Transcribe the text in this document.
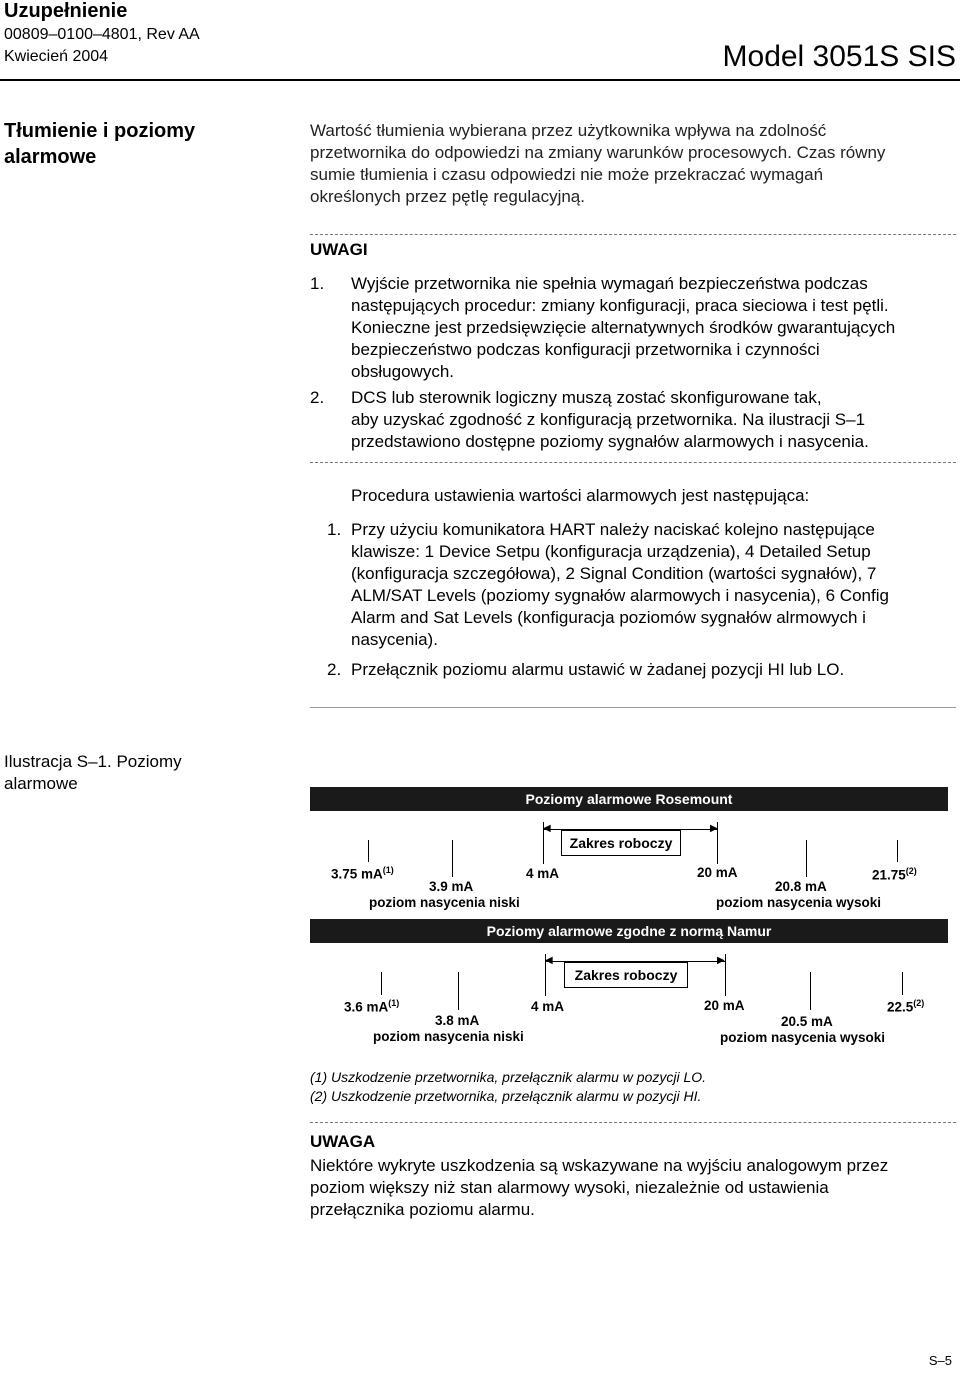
Uzupełnienie
00809–0100–4801, Rev AA
Kwiecień 2004	Model 3051S SIS
Tłumienie i poziomy
alarmowe
Wartość tłumienia wybierana przez użytkownika wpływa na zdolność
przetwornika do odpowiedzi na zmiany warunków procesowych. Czas równy
sumie tłumienia i czasu odpowiedzi nie może przekraczać wymagań
określonych przez pętlę regulacyjną.
UWAGI
1. Wyjście przetwornika nie spełnia wymagań bezpieczeństwa podczas
następujących procedur: zmiany konfiguracji, praca sieciowa i test pętli.
Konieczne jest przedsięwzięcie alternatywnych środków gwarantujących
bezpieczeństwo podczas konfiguracji przetwornika i czynności
obsługowych.
2. DCS lub sterownik logiczny muszą zostać skonfigurowane tak,
aby uzyskać zgodność z konfiguracją przetwornika. Na ilustracji S–1
przedstawiono dostępne poziomy sygnałów alarmowych i nasycenia.
Procedura ustawienia wartości alarmowych jest następująca:
1. Przy użyciu komunikatora HART należy naciskać kolejno następujące
klawisze: 1 Device Setpu (konfiguracja urządzenia), 4 Detailed Setup
(konfiguracja szczegółowa), 2 Signal Condition (wartości sygnałów), 7
ALM/SAT Levels (poziomy sygnałów alarmowych i nasycenia), 6 Config
Alarm and Sat Levels (konfiguracja poziomów sygnałów alrmowych i
nasycenia).
2. Przełącznik poziomu alarmu ustawić w żadanej pozycji HI lub LO.
Ilustracja S–1. Poziomy
alarmowe
Poziomy alarmowe Rosemount
◀	▶
Zakres roboczy
3.75 $mA^{(1)}$
3.9 mA
poziom nasycenia niski
4 mA	20 mA
20.8 mA
poziom nasycenia wysoki
21.75$^{(2)}$
Poziomy alarmowe zgodne z normą Namur
◀	▶
Zakres roboczy
3.6 $mA^{(1)}$
3.8 mA
poziom nasycenia niski
4 mA	20 mA
20.5 mA
poziom nasycenia wysoki
22.5$^{(2)}$
(1) Uszkodzenie przetwornika, przełącznik alarmu w pozycji LO.
(2) Uszkodzenie przetwornika, przełącznik alarmu w pozycji HI.
UWAGA
Niektóre wykryte uszkodzenia są wskazywane na wyjściu analogowym przez
poziom większy niż stan alarmowy wysoki, niezależnie od ustawienia
przełącznika poziomu alarmu.
S–5
